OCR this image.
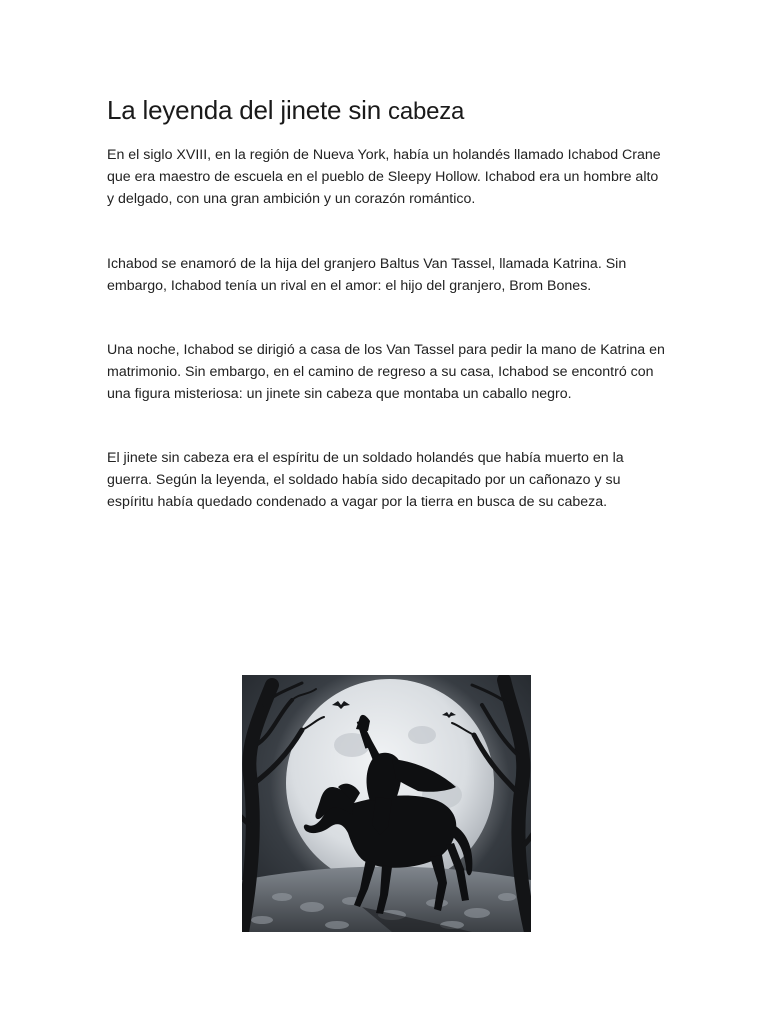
La leyenda del jinete sin cabeza

En el siglo XVIII, en la región de Nueva York, había un holandés llamado Ichabod Crane que era maestro de escuela en el pueblo de Sleepy Hollow. Ichabod era un hombre alto y delgado, con una gran ambición y un corazón romántico.

Ichabod se enamoró de la hija del granjero Baltus Van Tassel, llamada Katrina. Sin embargo, Ichabod tenía un rival en el amor: el hijo del granjero, Brom Bones.

Una noche, Ichabod se dirigió a casa de los Van Tassel para pedir la mano de Katrina en matrimonio. Sin embargo, en el camino de regreso a su casa, Ichabod se encontró con una figura misteriosa: un jinete sin cabeza que montaba un caballo negro.

El jinete sin cabeza era el espíritu de un soldado holandés que había muerto en la guerra. Según la leyenda, el soldado había sido decapitado por un cañonazo y su espíritu había quedado condenado a vagar por la tierra en busca de su cabeza.
